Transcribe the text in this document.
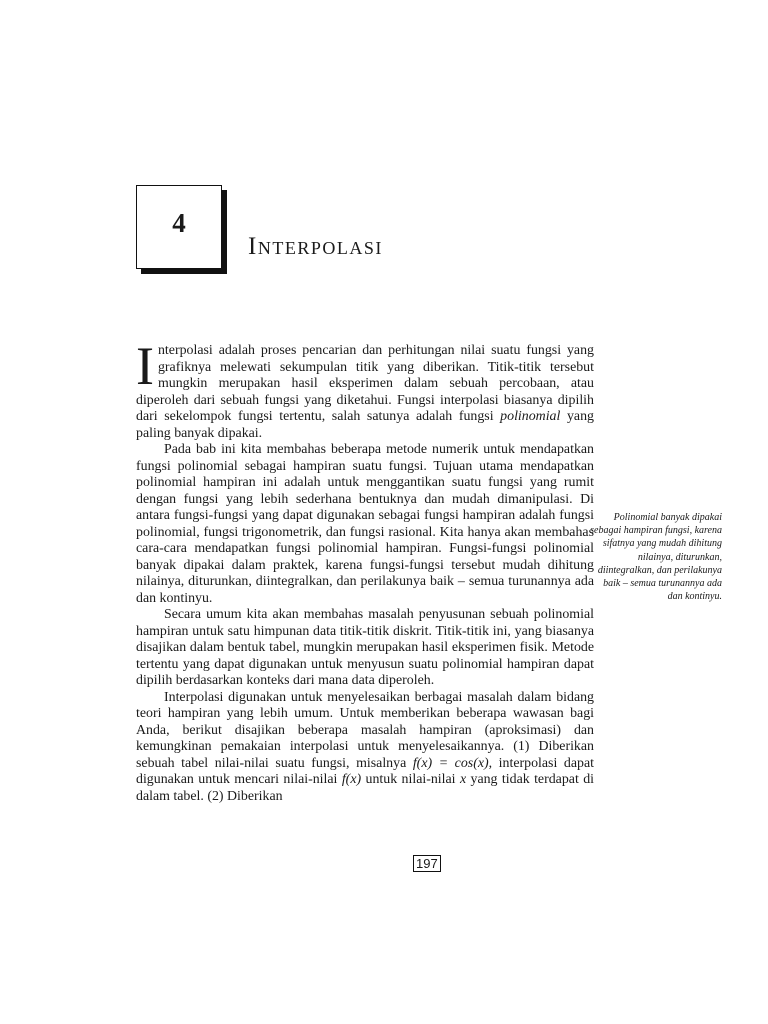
4
Interpolasi

Interpolasi adalah proses pencarian dan perhitungan nilai suatu fungsi yang grafiknya melewati sekumpulan titik yang diberikan. Titik-titik tersebut mungkin merupakan hasil eksperimen dalam sebuah percobaan, atau diperoleh dari sebuah fungsi yang diketahui. Fungsi interpolasi biasanya dipilih dari sekelompok fungsi tertentu, salah satunya adalah fungsi polinomial yang paling banyak dipakai.

Pada bab ini kita membahas beberapa metode numerik untuk mendapatkan fungsi polinomial sebagai hampiran suatu fungsi. Tujuan utama mendapatkan polinomial hampiran ini adalah untuk menggantikan suatu fungsi yang rumit dengan fungsi yang lebih sederhana bentuknya dan mudah dimanipulasi. Di antara fungsi-fungsi yang dapat digunakan sebagai fungsi hampiran adalah fungsi polinomial, fungsi trigonometrik, dan fungsi rasional. Kita hanya akan membahas cara-cara mendapatkan fungsi polinomial hampiran. Fungsi-fungsi polinomial banyak dipakai dalam praktek, karena fungsi-fungsi tersebut mudah dihitung nilainya, diturunkan, diintegralkan, dan perilakunya baik – semua turunannya ada dan kontinyu.

Secara umum kita akan membahas masalah penyusunan sebuah polinomial hampiran untuk satu himpunan data titik-titik diskrit. Titik-titik ini, yang biasanya disajikan dalam bentuk tabel, mungkin merupakan hasil eksperimen fisik. Metode tertentu yang dapat digunakan untuk menyusun suatu polinomial hampiran dapat dipilih berdasarkan konteks dari mana data diperoleh.

Interpolasi digunakan untuk menyelesaikan berbagai masalah dalam bidang teori hampiran yang lebih umum. Untuk memberikan beberapa wawasan bagi Anda, berikut disajikan beberapa masalah hampiran (aproksimasi) dan kemungkinan pemakaian interpolasi untuk menyelesaikannya. (1) Diberikan sebuah tabel nilai-nilai suatu fungsi, misalnya f(x) = cos(x), interpolasi dapat digunakan untuk mencari nilai-nilai f(x) untuk nilai-nilai x yang tidak terdapat di dalam tabel. (2) Diberikan

Polinomial banyak dipakai sebagai hampiran fungsi, karena sifatnya yang mudah dihitung nilainya, diturunkan, diintegralkan, dan perilakunya baik – semua turunannya ada dan kontinyu.
197
